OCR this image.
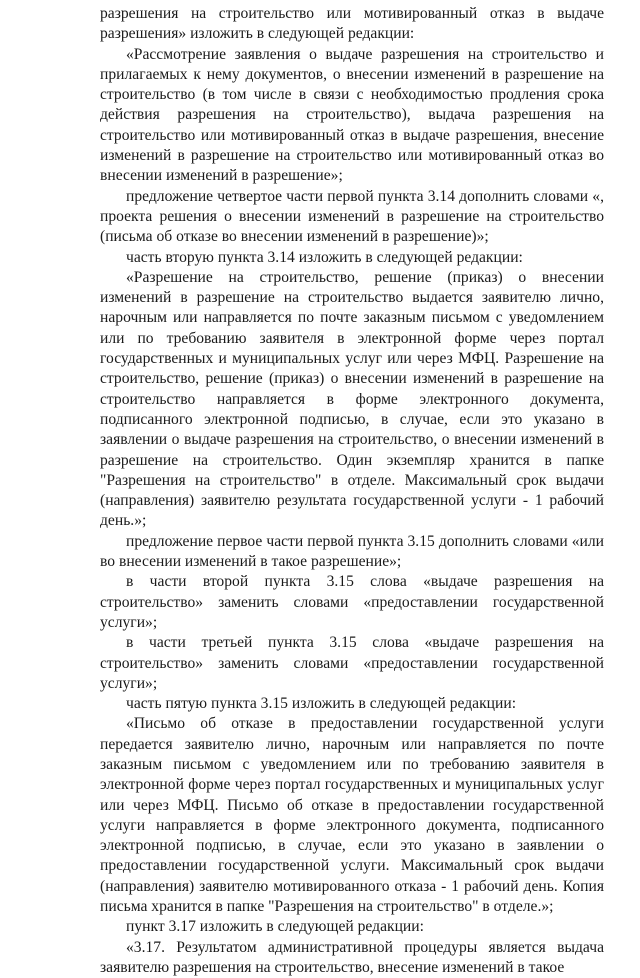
разрешения на строительство или мотивированный отказ в выдаче разрешения» изложить в следующей редакции:

«Рассмотрение заявления о выдаче разрешения на строительство и прилагаемых к нему документов, о внесении изменений в разрешение на строительство (в том числе в связи с необходимостью продления срока действия разрешения на строительство), выдача разрешения на строительство или мотивированный отказ в выдаче разрешения, внесение изменений в разрешение на строительство или мотивированный отказ во внесении изменений в разрешение»;

предложение четвертое части первой пункта 3.14 дополнить словами «, проекта решения о внесении изменений в разрешение на строительство (письма об отказе во внесении изменений в разрешение)»;

часть вторую пункта 3.14 изложить в следующей редакции:

«Разрешение на строительство, решение (приказ) о внесении изменений в разрешение на строительство выдается заявителю лично, нарочным или направляется по почте заказным письмом с уведомлением или по требованию заявителя в электронной форме через портал государственных и муниципальных услуг или через МФЦ. Разрешение на строительство, решение (приказ) о внесении изменений в разрешение на строительство направляется в форме электронного документа, подписанного электронной подписью, в случае, если это указано в заявлении о выдаче разрешения на строительство, о внесении изменений в разрешение на строительство. Один экземпляр хранится в папке "Разрешения на строительство" в отделе. Максимальный срок выдачи (направления) заявителю результата государственной услуги - 1 рабочий день.»;

предложение первое части первой пункта 3.15 дополнить словами «или во внесении изменений в такое разрешение»;

в части второй пункта 3.15 слова «выдаче разрешения на строительство» заменить словами «предоставлении государственной услуги»;

в части третьей пункта 3.15 слова «выдаче разрешения на строительство» заменить словами «предоставлении государственной услуги»;

часть пятую пункта 3.15 изложить в следующей редакции:

«Письмо об отказе в предоставлении государственной услуги передается заявителю лично, нарочным или направляется по почте заказным письмом с уведомлением или по требованию заявителя в электронной форме через портал государственных и муниципальных услуг или через МФЦ. Письмо об отказе в предоставлении государственной услуги направляется в форме электронного документа, подписанного электронной подписью, в случае, если это указано в заявлении о предоставлении государственной услуги. Максимальный срок выдачи (направления) заявителю мотивированного отказа - 1 рабочий день. Копия письма хранится в папке "Разрешения на строительство" в отделе.»;

пункт 3.17 изложить в следующей редакции:

«3.17. Результатом административной процедуры является выдача заявителю разрешения на строительство, внесение изменений в такое
